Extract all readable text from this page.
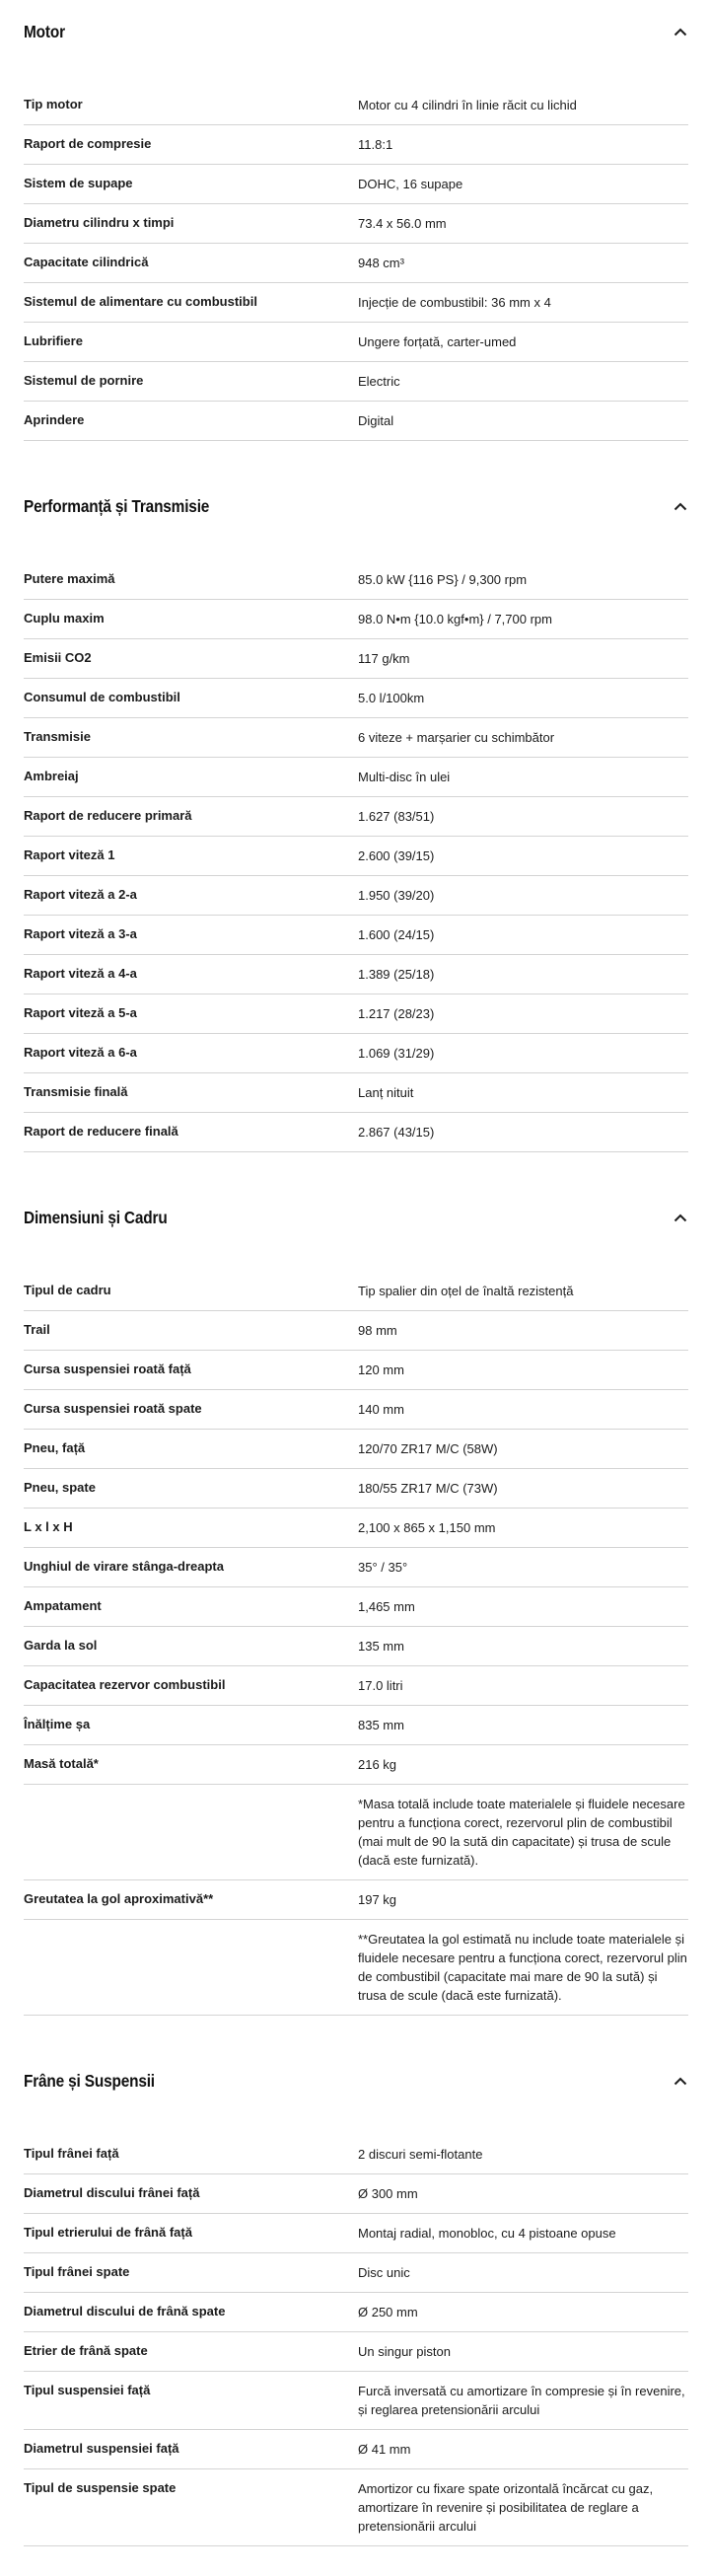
Motor
Tip motor	Motor cu 4 cilindri în linie răcit cu lichid
Raport de compresie	11.8:1
Sistem de supape	DOHC, 16 supape
Diametru cilindru x timpi	73.4 x 56.0 mm
Capacitate cilindrică	948 cm³
Sistemul de alimentare cu combustibil	Injecție de combustibil: 36 mm x 4
Lubrifiere	Ungere forțată, carter-umed
Sistemul de pornire	Electric
Aprindere	Digital
Performanță și Transmisie
Putere maximă	85.0 kW {116 PS} / 9,300 rpm
Cuplu maxim	98.0 N•m {10.0 kgf•m} / 7,700 rpm
Emisii CO2	117 g/km
Consumul de combustibil	5.0 l/100km
Transmisie	6 viteze + marșarier cu schimbător
Ambreiaj	Multi-disc în ulei
Raport de reducere primară	1.627 (83/51)
Raport viteză 1	2.600 (39/15)
Raport viteză a 2-a	1.950 (39/20)
Raport viteză a 3-a	1.600 (24/15)
Raport viteză a 4-a	1.389 (25/18)
Raport viteză a 5-a	1.217 (28/23)
Raport viteză a 6-a	1.069 (31/29)
Transmisie finală	Lanț nituit
Raport de reducere finală	2.867 (43/15)
Dimensiuni și Cadru
Tipul de cadru	Tip spalier din oțel de înaltă rezistență
Trail	98 mm
Cursa suspensiei roată față	120 mm
Cursa suspensiei roată spate	140 mm
Pneu, față	120/70 ZR17 M/C (58W)
Pneu, spate	180/55 ZR17 M/C (73W)
L x l x H	2,100 x 865 x 1,150 mm
Unghiul de virare stânga-dreapta	35° / 35°
Ampatament	1,465 mm
Garda la sol	135 mm
Capacitatea rezervor combustibil	17.0 litri
Înălțime șa	835 mm
Masă totală*	216 kg
*Masa totală include toate materialele și fluidele necesare pentru a funcționa corect, rezervorul plin de combustibil (mai mult de 90 la sută din capacitate) și trusa de scule (dacă este furnizată).
Greutatea la gol aproximativă**	197 kg
**Greutatea la gol estimată nu include toate materialele și fluidele necesare pentru a funcționa corect, rezervorul plin de combustibil (capacitate mai mare de 90 la sută) și trusa de scule (dacă este furnizată).
Frâne și Suspensii
Tipul frânei față	2 discuri semi-flotante
Diametrul discului frânei față	Ø 300 mm
Tipul etrierului de frână față	Montaj radial, monobloc, cu 4 pistoane opuse
Tipul frânei spate	Disc unic
Diametrul discului de frână spate	Ø 250 mm
Etrier de frână spate	Un singur piston
Tipul suspensiei față	Furcă inversată cu amortizare în compresie și în revenire, și reglarea pretensionării arcului
Diametrul suspensiei față	Ø 41 mm
Tipul de suspensie spate	Amortizor cu fixare spate orizontală încărcat cu gaz, amortizare în revenire și posibilitatea de reglare a pretensionării arcului
